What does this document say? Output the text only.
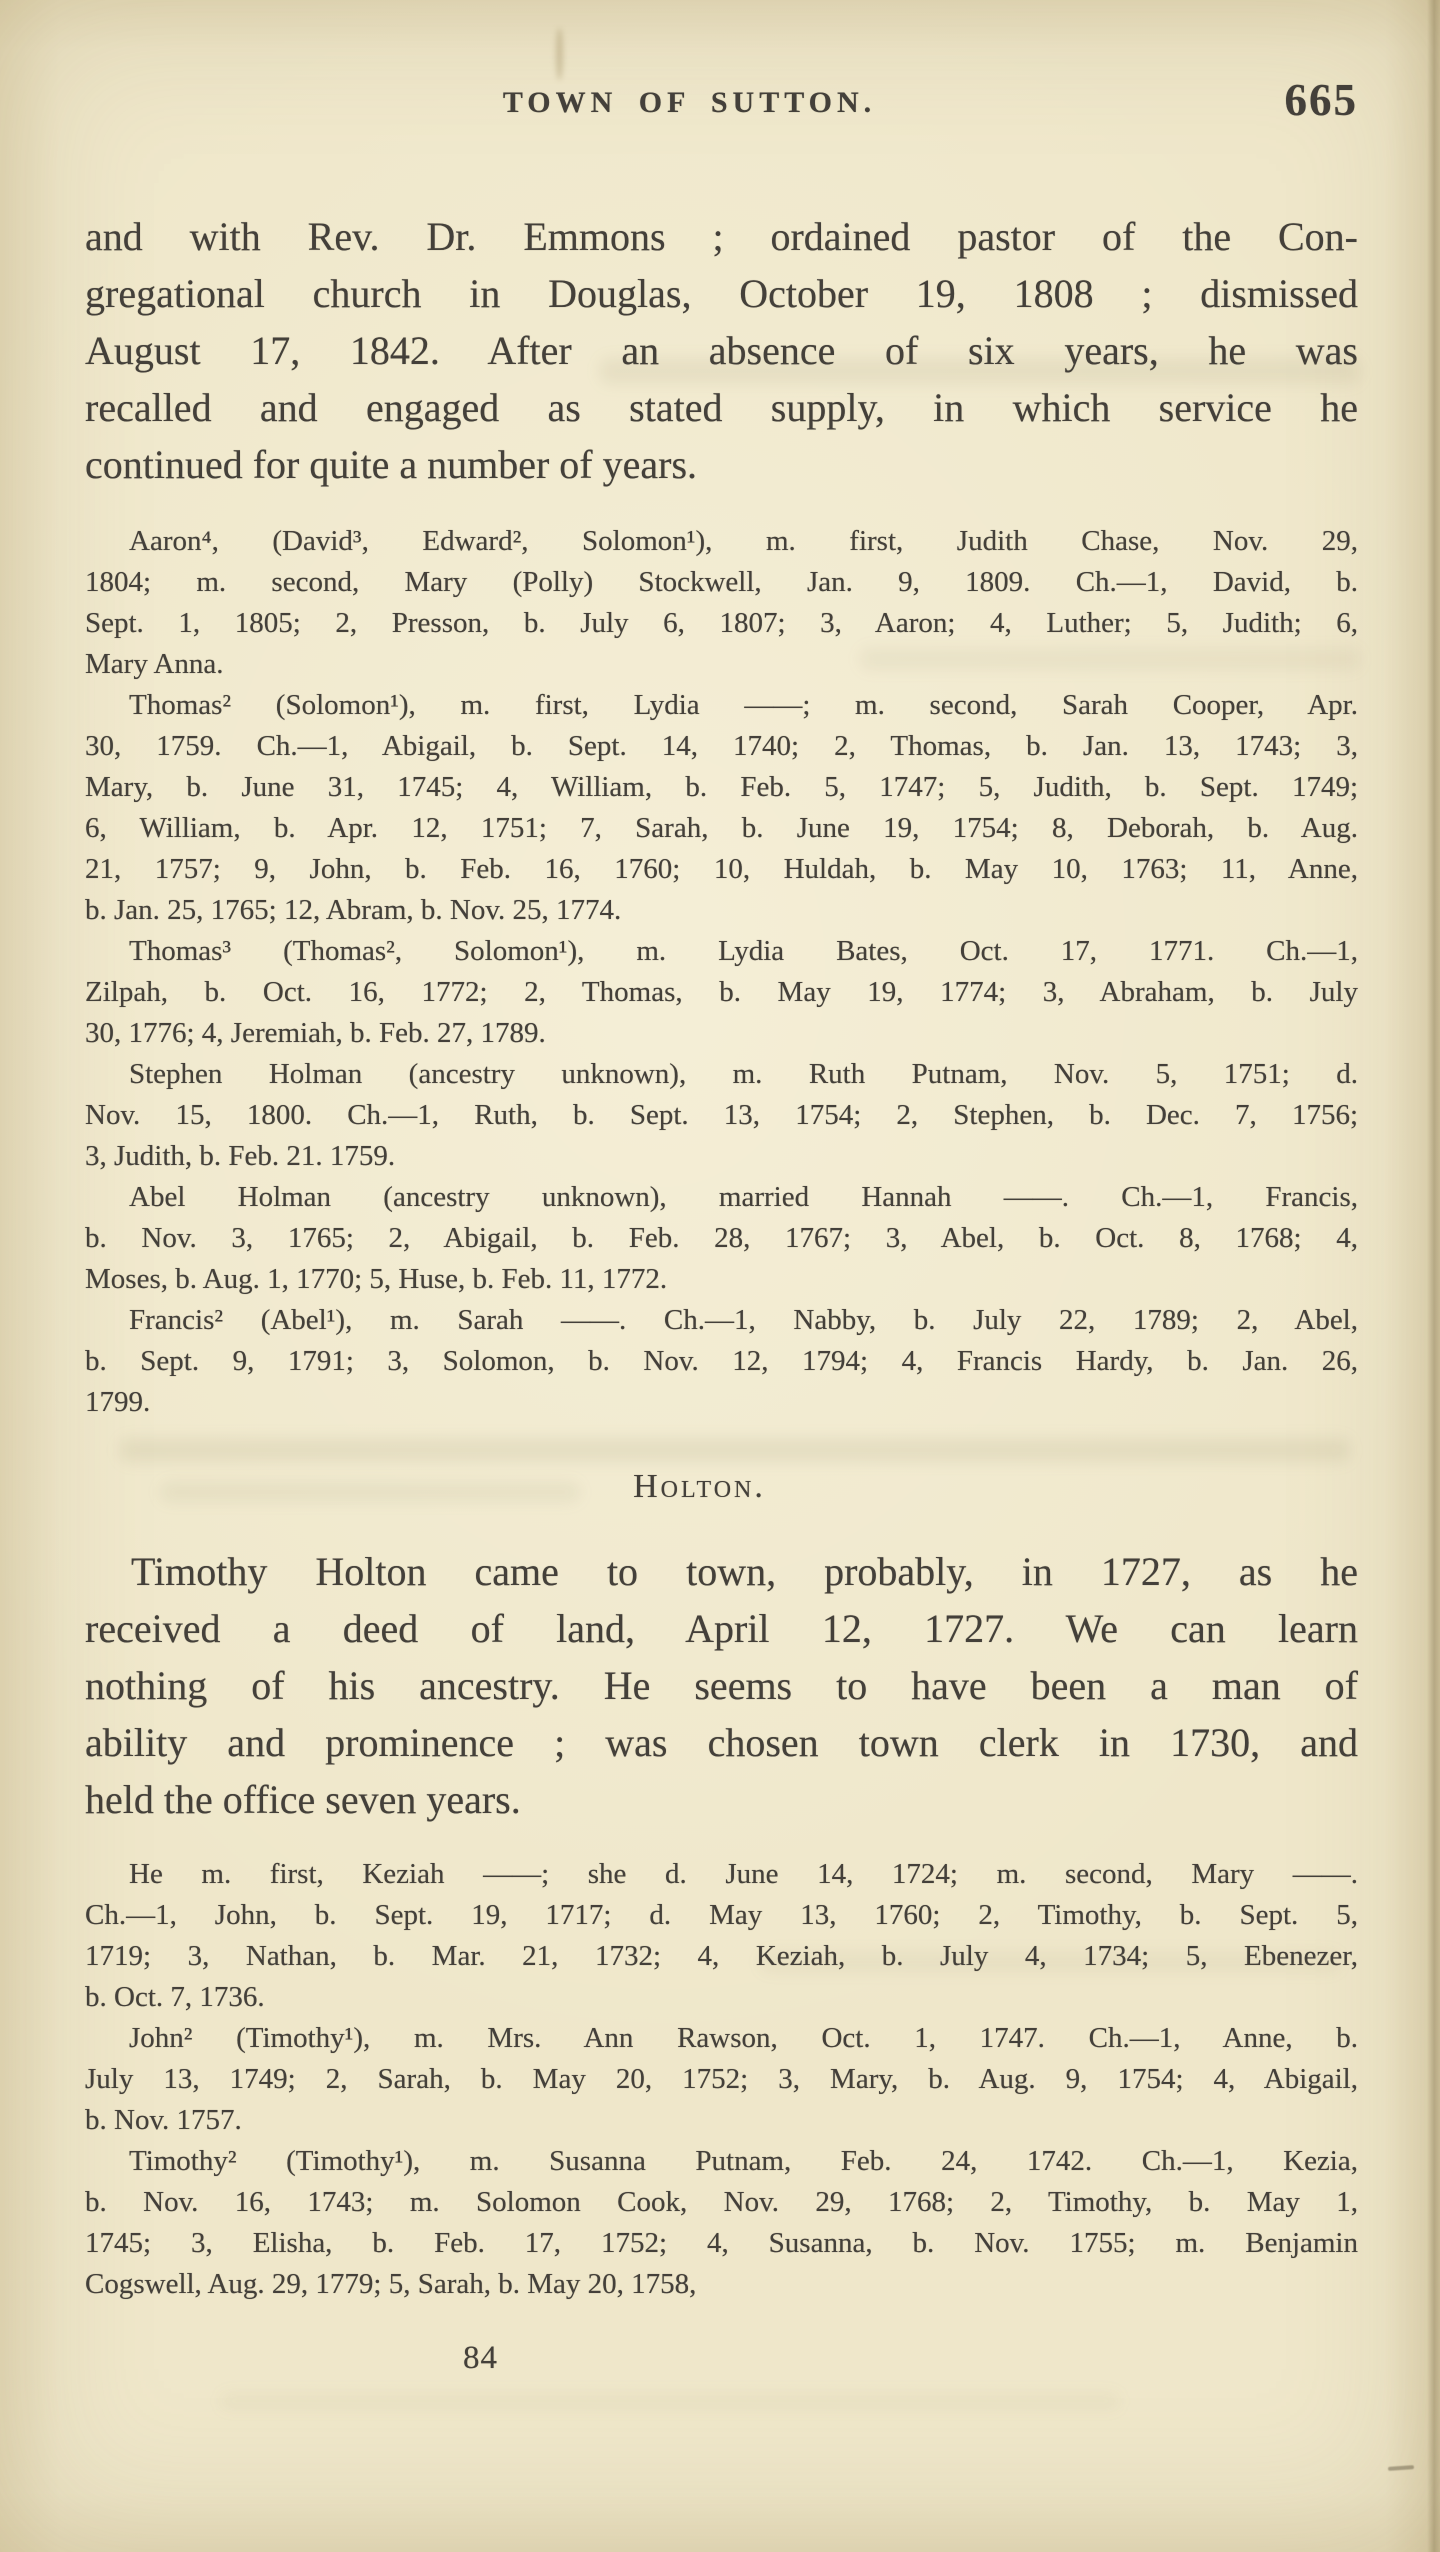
TOWN OF SUTTON.	665

and with Rev. Dr. Emmons ; ordained pastor of the Con-
gregational church in Douglas, October 19, 1808 ; dismissed
August 17, 1842. After an absence of six years, he was
recalled and engaged as stated supply, in which service he
continued for quite a number of years.

Aaron⁴, (David³, Edward², Solomon¹), m. first, Judith Chase, Nov. 29,
1804; m. second, Mary (Polly) Stockwell, Jan. 9, 1809. Ch.—1, David, b.
Sept. 1, 1805; 2, Presson, b. July 6, 1807; 3, Aaron; 4, Luther; 5, Judith; 6,
Mary Anna.

Thomas² (Solomon¹), m. first, Lydia ——; m. second, Sarah Cooper, Apr.
30, 1759. Ch.—1, Abigail, b. Sept. 14, 1740; 2, Thomas, b. Jan. 13, 1743; 3,
Mary, b. June 31, 1745; 4, William, b. Feb. 5, 1747; 5, Judith, b. Sept. 1749;
6, William, b. Apr. 12, 1751; 7, Sarah, b. June 19, 1754; 8, Deborah, b. Aug.
21, 1757; 9, John, b. Feb. 16, 1760; 10, Huldah, b. May 10, 1763; 11, Anne,
b. Jan. 25, 1765; 12, Abram, b. Nov. 25, 1774.

Thomas³ (Thomas², Solomon¹), m. Lydia Bates, Oct. 17, 1771. Ch.—1,
Zilpah, b. Oct. 16, 1772; 2, Thomas, b. May 19, 1774; 3, Abraham, b. July
30, 1776; 4, Jeremiah, b. Feb. 27, 1789.

Stephen Holman (ancestry unknown), m. Ruth Putnam, Nov. 5, 1751; d.
Nov. 15, 1800. Ch.—1, Ruth, b. Sept. 13, 1754; 2, Stephen, b. Dec. 7, 1756;
3, Judith, b. Feb. 21. 1759.

Abel Holman (ancestry unknown), married Hannah ——. Ch.—1, Francis,
b. Nov. 3, 1765; 2, Abigail, b. Feb. 28, 1767; 3, Abel, b. Oct. 8, 1768; 4,
Moses, b. Aug. 1, 1770; 5, Huse, b. Feb. 11, 1772.

Francis² (Abel¹), m. Sarah ——. Ch.—1, Nabby, b. July 22, 1789; 2, Abel,
b. Sept. 9, 1791; 3, Solomon, b. Nov. 12, 1794; 4, Francis Hardy, b. Jan. 26,
1799.

Holton.

Timothy Holton came to town, probably, in 1727, as he
received a deed of land, April 12, 1727. We can learn
nothing of his ancestry. He seems to have been a man of
ability and prominence ; was chosen town clerk in 1730, and
held the office seven years.

He m. first, Keziah ——; she d. June 14, 1724; m. second, Mary ——.
Ch.—1, John, b. Sept. 19, 1717; d. May 13, 1760; 2, Timothy, b. Sept. 5,
1719; 3, Nathan, b. Mar. 21, 1732; 4, Keziah, b. July 4, 1734; 5, Ebenezer,
b. Oct. 7, 1736.

John² (Timothy¹), m. Mrs. Ann Rawson, Oct. 1, 1747. Ch.—1, Anne, b.
July 13, 1749; 2, Sarah, b. May 20, 1752; 3, Mary, b. Aug. 9, 1754; 4, Abigail,
b. Nov. 1757.

Timothy² (Timothy¹), m. Susanna Putnam, Feb. 24, 1742. Ch.—1, Kezia,
b. Nov. 16, 1743; m. Solomon Cook, Nov. 29, 1768; 2, Timothy, b. May 1,
1745; 3, Elisha, b. Feb. 17, 1752; 4, Susanna, b. Nov. 1755; m. Benjamin
Cogswell, Aug. 29, 1779; 5, Sarah, b. May 20, 1758,

84
